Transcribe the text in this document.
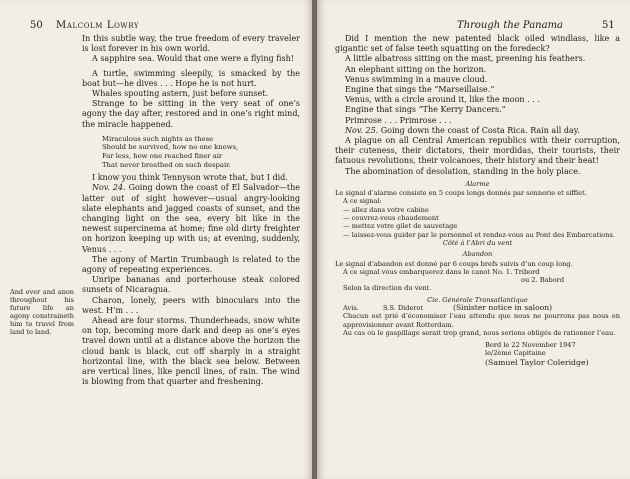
50 Malcolm Lowry

In this subtle way, the true freedom of every traveler is lost forever in his own world.

A sapphire sea. Would that one were a flying fish!

A turtle, swimming sleepily, is smacked by the boat but—he dives . . . Hope he is not hurt.

Whales spouting astern, just before sunset.

Strange to be sitting in the very seat of one’s agony the day after, restored and in one’s right mind, the miracle happened.

Miraculous such nights as these
Should be survived, how no one knows,
Far less, how one reached finer air
That never breathed on such despair.

I know you think Tennyson wrote that, but I did.

Nov. 24. Going down the coast of El Salvador—the latter out of sight however—usual angry-looking slate elephants and jagged coasts of sunset, and the changing light on the sea, every bit like in the newest supercinema at home; fine old dirty freighter on horizon keeping up with us; at evening, suddenly, Venus . . .

The agony of Martin Trumbaugh is related to the agony of repeating experiences.

Unripe bananas and porterhouse steak colored sunsets of Nicaragua.

Charon, lonely, peers with binoculars into the west. H’m . . .

Ahead are four storms. Thunderheads, snow white on top, becoming more dark and deep as one’s eyes travel down until at a distance above the horizon the cloud bank is black, cut off sharply in a straight horizontal line, with the black sea below. Between are vertical lines, like pencil lines, of rain. The wind is blowing from that quarter and freshening.

And ever and anon throughout his future life an agony constraineth him to travel from land to land.
Through the Panama	51

Did I mention the new patented black oiled windlass, like a gigantic set of false teeth squatting on the foredeck?

A little albatross sitting on the mast, preening his feathers.

An elephant sitting on the horizon.

Venus swimming in a mauve cloud.

Engine that sings the “Marseillaise.”

Venus, with a circle around it, like the moon . . .

Engine that sings “The Kerry Dancers.”

Primrose . . . Primrose . . .

Nov. 25. Going down the coast of Costa Rica. Rain all day.

A plague on all Central American republics with their corruption, their cuteness, their dictators, their mordidas, their tourists, their fatuous revolutions, their volcanoes, their history and their heat!

The abomination of desolation, standing in the holy place.

Alarme
Le signal d’alarme consiste en 5 coups longs donnés par sonnerie et sifflet.
A ce signal:
— allez dans votre cabine
— couvrez-vous chaudement
— mettez votre gilet de sauvetage
— laissez-vous guider par le personnel et rendez-vous au Pont des Embarcations.
Côté à l’Abri du vent
Abandon
Le signal d’abandon est donné par 6 coups brefs suivis d’un coup long.
A ce signal vous embarquerez dans le canot No. 1. Tribord
ou 2. Babord
Selon la direction du vent.
Cie. Générale Transatlantique
Avis.	S.S. Diderot	(Sinister notice in saloon)
Chacun est prié d’économiser l’eau attendu que nous ne pourrons pas nous en approvisionner avant Rotterdam.
Au cas où le gaspillage serait trop grand, nous serions obligés de rationner l’eau.
Bord le 22 November 1947
le/2ème Capitaine
(Samuel Taylor Coleridge)
